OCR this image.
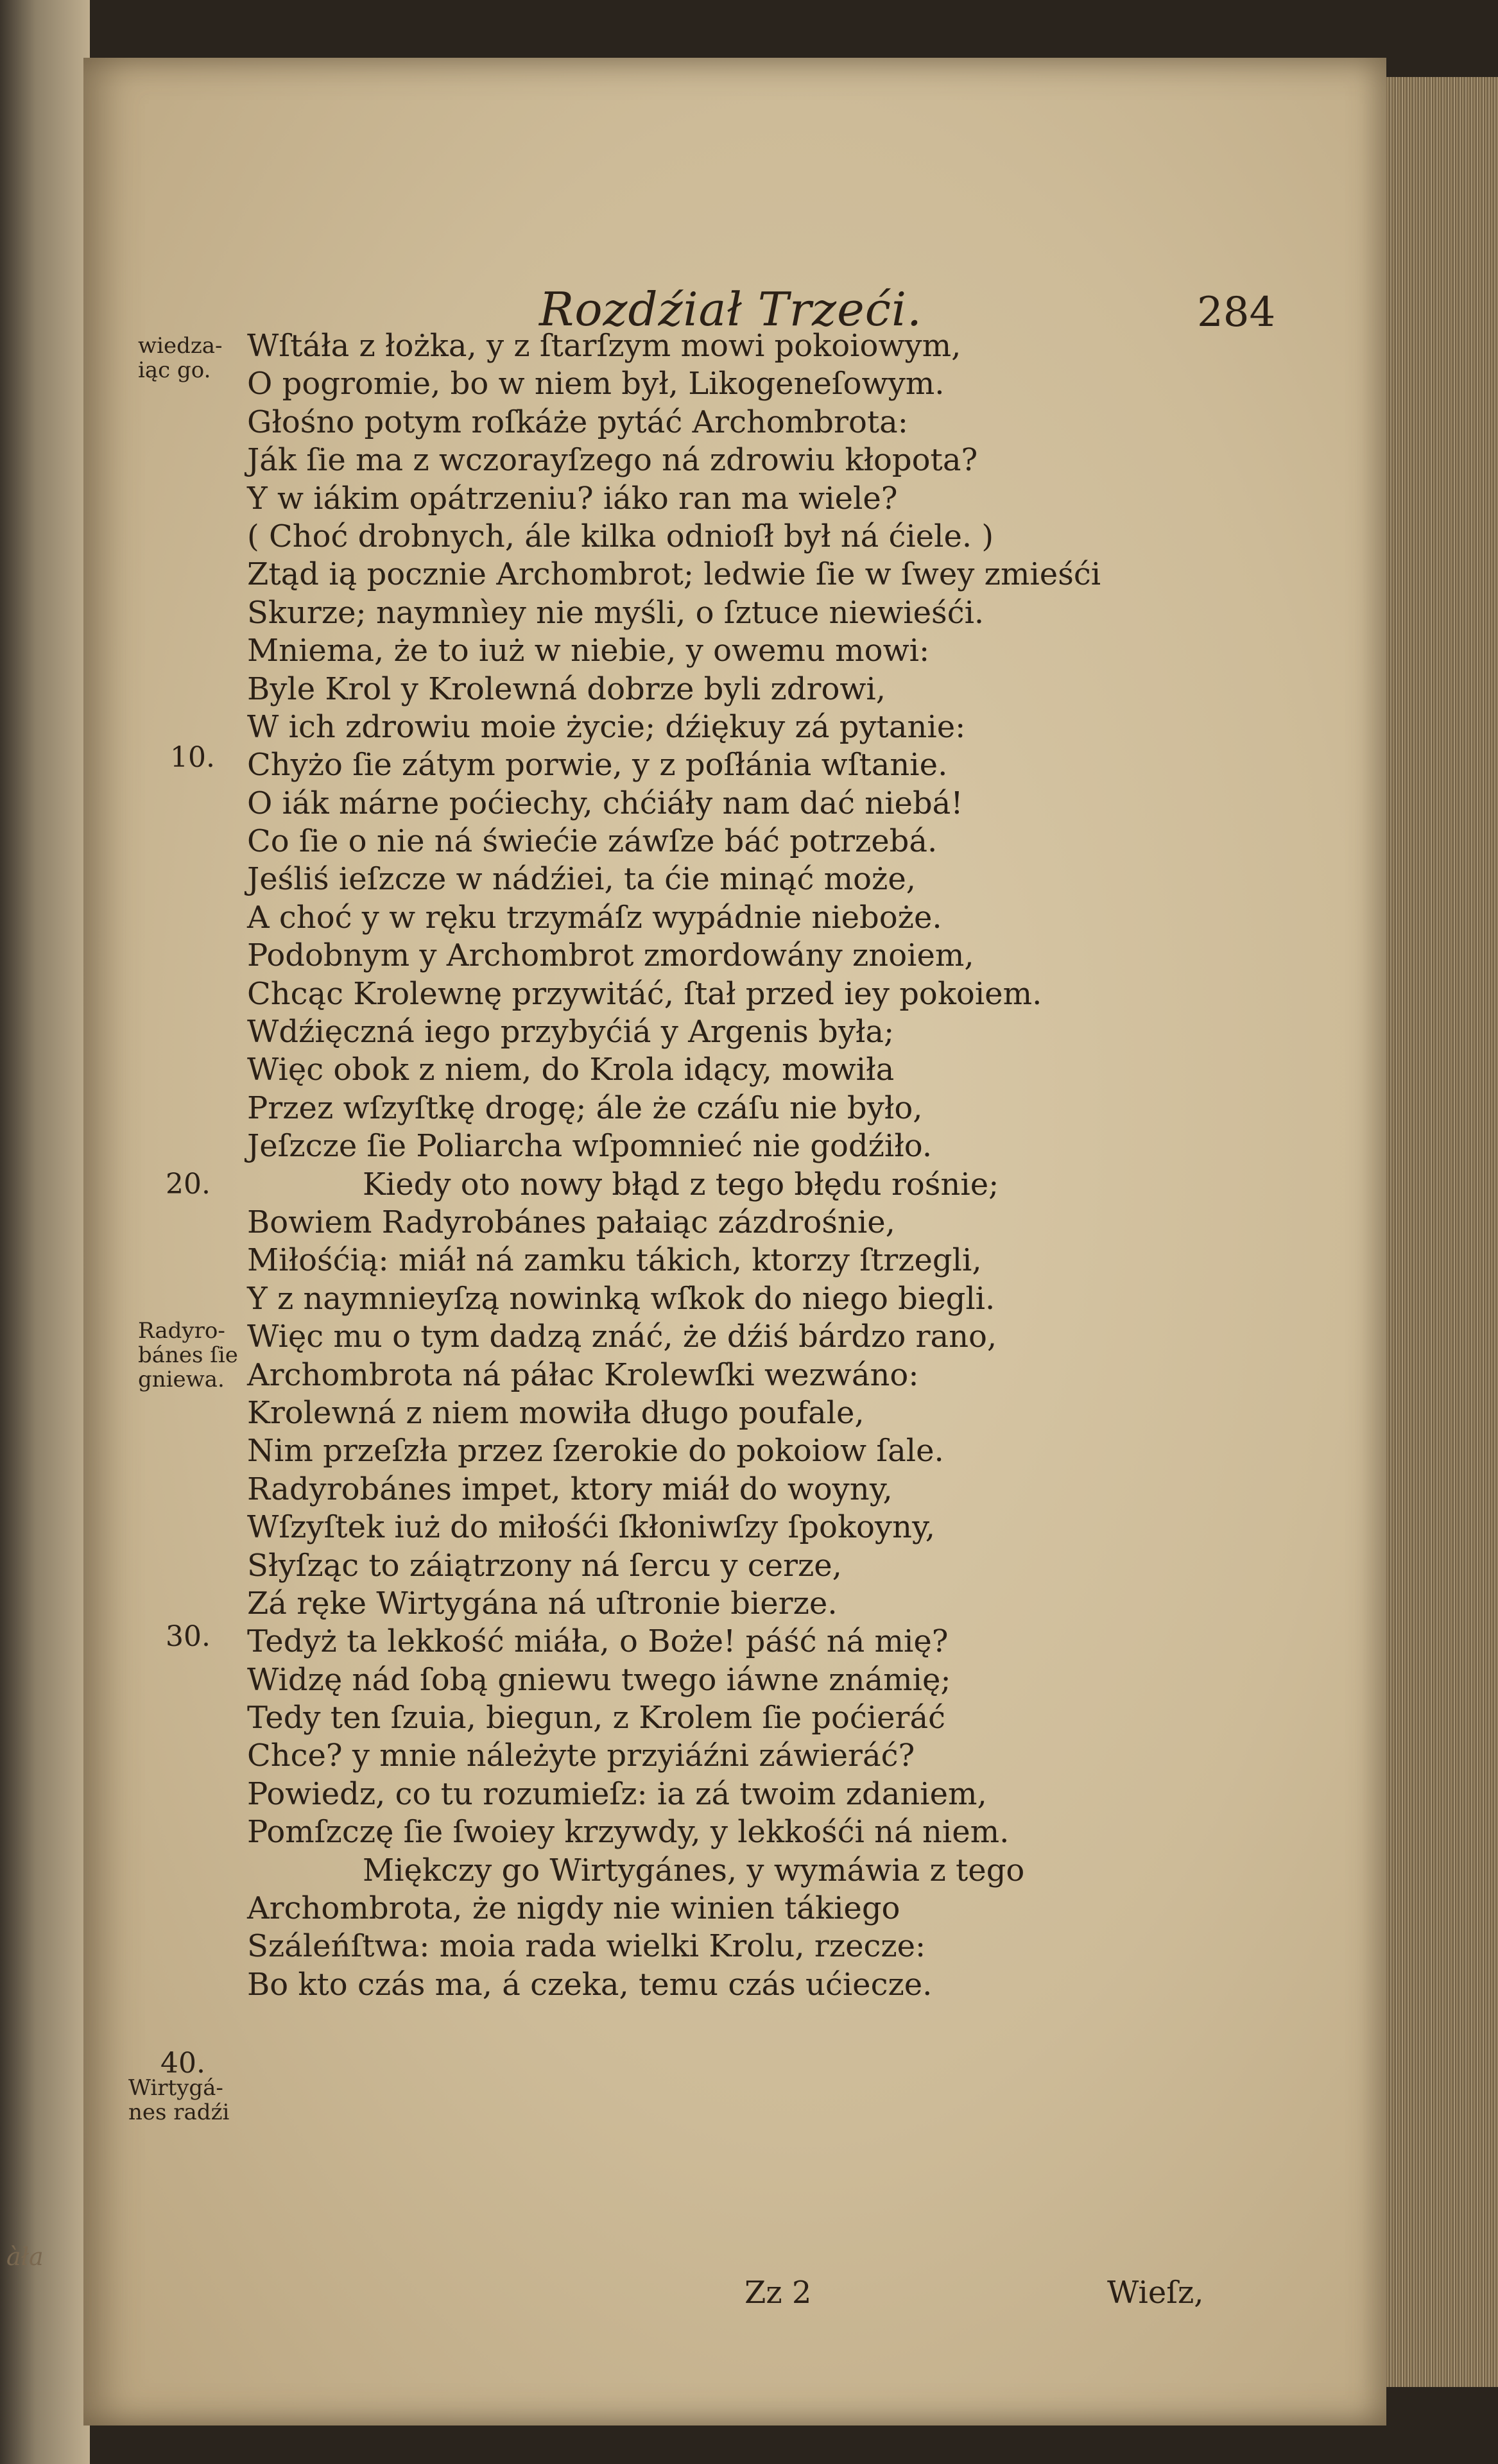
àła
Rozdźiał Trzeći.	284
wiedza-
iąc go.
Radyro-
bánes ſie
gniewa.
Wirtygá-
nes radźi
10.
20.
30.
40.
Wſtáła z łożka, y z ſtarſzym mowi pokoiowym,
O pogromie, bo w niem był, Likogeneſowym.
Głośno potym roſkáże pytáć Archombrota:
Ják ſie ma z wczorayſzego ná zdrowiu kłopota?
Y w iákim opátrzeniu? iáko ran ma wiele?
( Choć drobnych, ále kilka odnioſł był ná ćiele. )
Ztąd ią pocznie Archombrot; ledwie ſie w ſwey zmieśći
Skurze; naymnìey nie myśli, o ſztuce niewieśći.
Mniema, że to iuż w niebie, y owemu mowi:
Byle Krol y Krolewná dobrze byli zdrowi,
W ich zdrowiu moie życie; dźiękuy zá pytanie:
Chyżo ſie zátym porwie, y z poſłánia wſtanie.
O iák márne poćiechy, chćiáły nam dać niebá!
Co ſie o nie ná świećie záwſze báć potrzebá.
Jeśliś ieſzcze w nádźiei, ta ćie minąć może,
A choć y w ręku trzymáſz wypádnie nieboże.
Podobnym y Archombrot zmordowány znoiem,
Chcąc Krolewnę przywitáć, ſtał przed iey pokoiem.
Wdźięczná iego przybyćiá y Argenis była;
Więc obok z niem, do Krola idący, mowiła
Przez wſzyſtkę drogę; ále że czáſu nie było,
Jeſzcze ſie Poliarcha wſpomnieć nie godźiło.
Kiedy oto nowy błąd z tego błędu rośnie;
Bowiem Radyrobánes pałaiąc zázdrośnie,
Miłośćią: miáł ná zamku tákich, ktorzy ſtrzegli,
Y z naymnieyſzą nowinką wſkok do niego biegli.
Więc mu o tym dadzą znáć, że dźiś bárdzo rano,
Archombrota ná páłac Krolewſki wezwáno:
Krolewná z niem mowiła długo poufale,
Nim przeſzła przez ſzerokie do pokoiow ſale.
Radyrobánes impet, ktory miáł do woyny,
Wſzyſtek iuż do miłośći ſkłoniwſzy ſpokoyny,
Słyſząc to záiątrzony ná ſercu y cerze,
Zá ręke Wirtygána ná uſtronie bierze.
Tedyż ta lekkość miáła, o Boże! páść ná mię?
Widzę nád ſobą gniewu twego iáwne známię;
Tedy ten ſzuia, biegun, z Krolem ſie poćieráć
Chce? y mnie náleżyte przyiáźni záwieráć?
Powiedz, co tu rozumieſz: ia zá twoim zdaniem,
Pomſzczę ſie ſwoiey krzywdy, y lekkośći ná niem.
Miękczy go Wirtygánes, y wymáwia z tego
Archombrota, że nigdy nie winien tákiego
Száleńſtwa: moia rada wielki Krolu, rzecze:
Bo kto czás ma, á czeka, temu czás ućiecze.
Zz 2	Wieſz,
